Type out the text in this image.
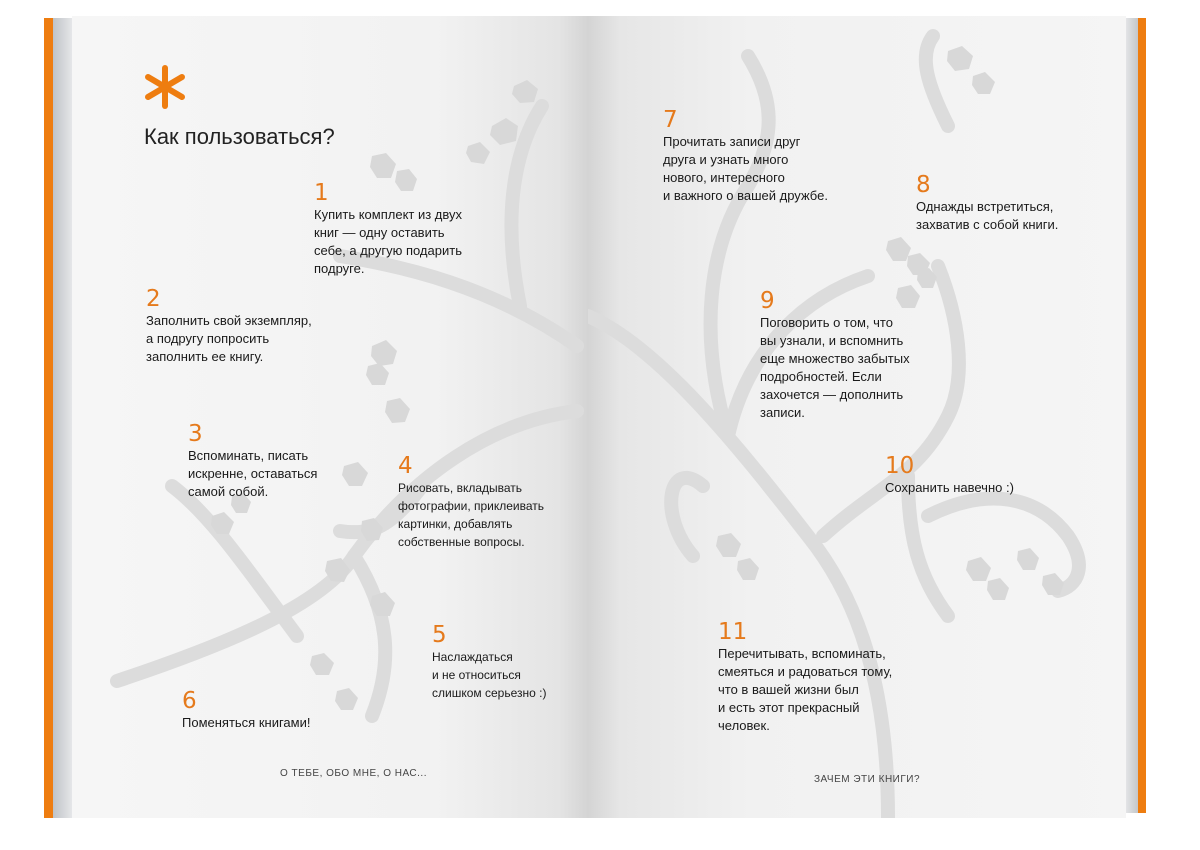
Как пользоваться?
1
Купить комплект из двух
книг — одну оставить
себе, а другую подарить
подруге.
2
Заполнить свой экземпляр,
а подругу попросить
заполнить ее книгу.
3
Вспоминать, писать
искренне, оставаться
самой собой.
4
Рисовать, вкладывать
фотографии, приклеивать
картинки, добавлять
собственные вопросы.
5
Наслаждаться
и не относиться
слишком серьезно :)
6
Поменяться книгами!
О ТЕБЕ, ОБО МНЕ, О НАС...
7
Прочитать записи друг
друга и узнать много
нового, интересного
и важного о вашей дружбе.	8
Однажды встретиться,
захватив с собой книги.
9
Поговорить о том, что
вы узнали, и вспомнить
еще множество забытых
подробностей. Если
захочется — дополнить
записи.
10
Сохранить навечно :)
11
Перечитывать, вспоминать,
смеяться и радоваться тому,
что в вашей жизни был
и есть этот прекрасный
человек.
ЗАЧЕМ ЭТИ КНИГИ?
